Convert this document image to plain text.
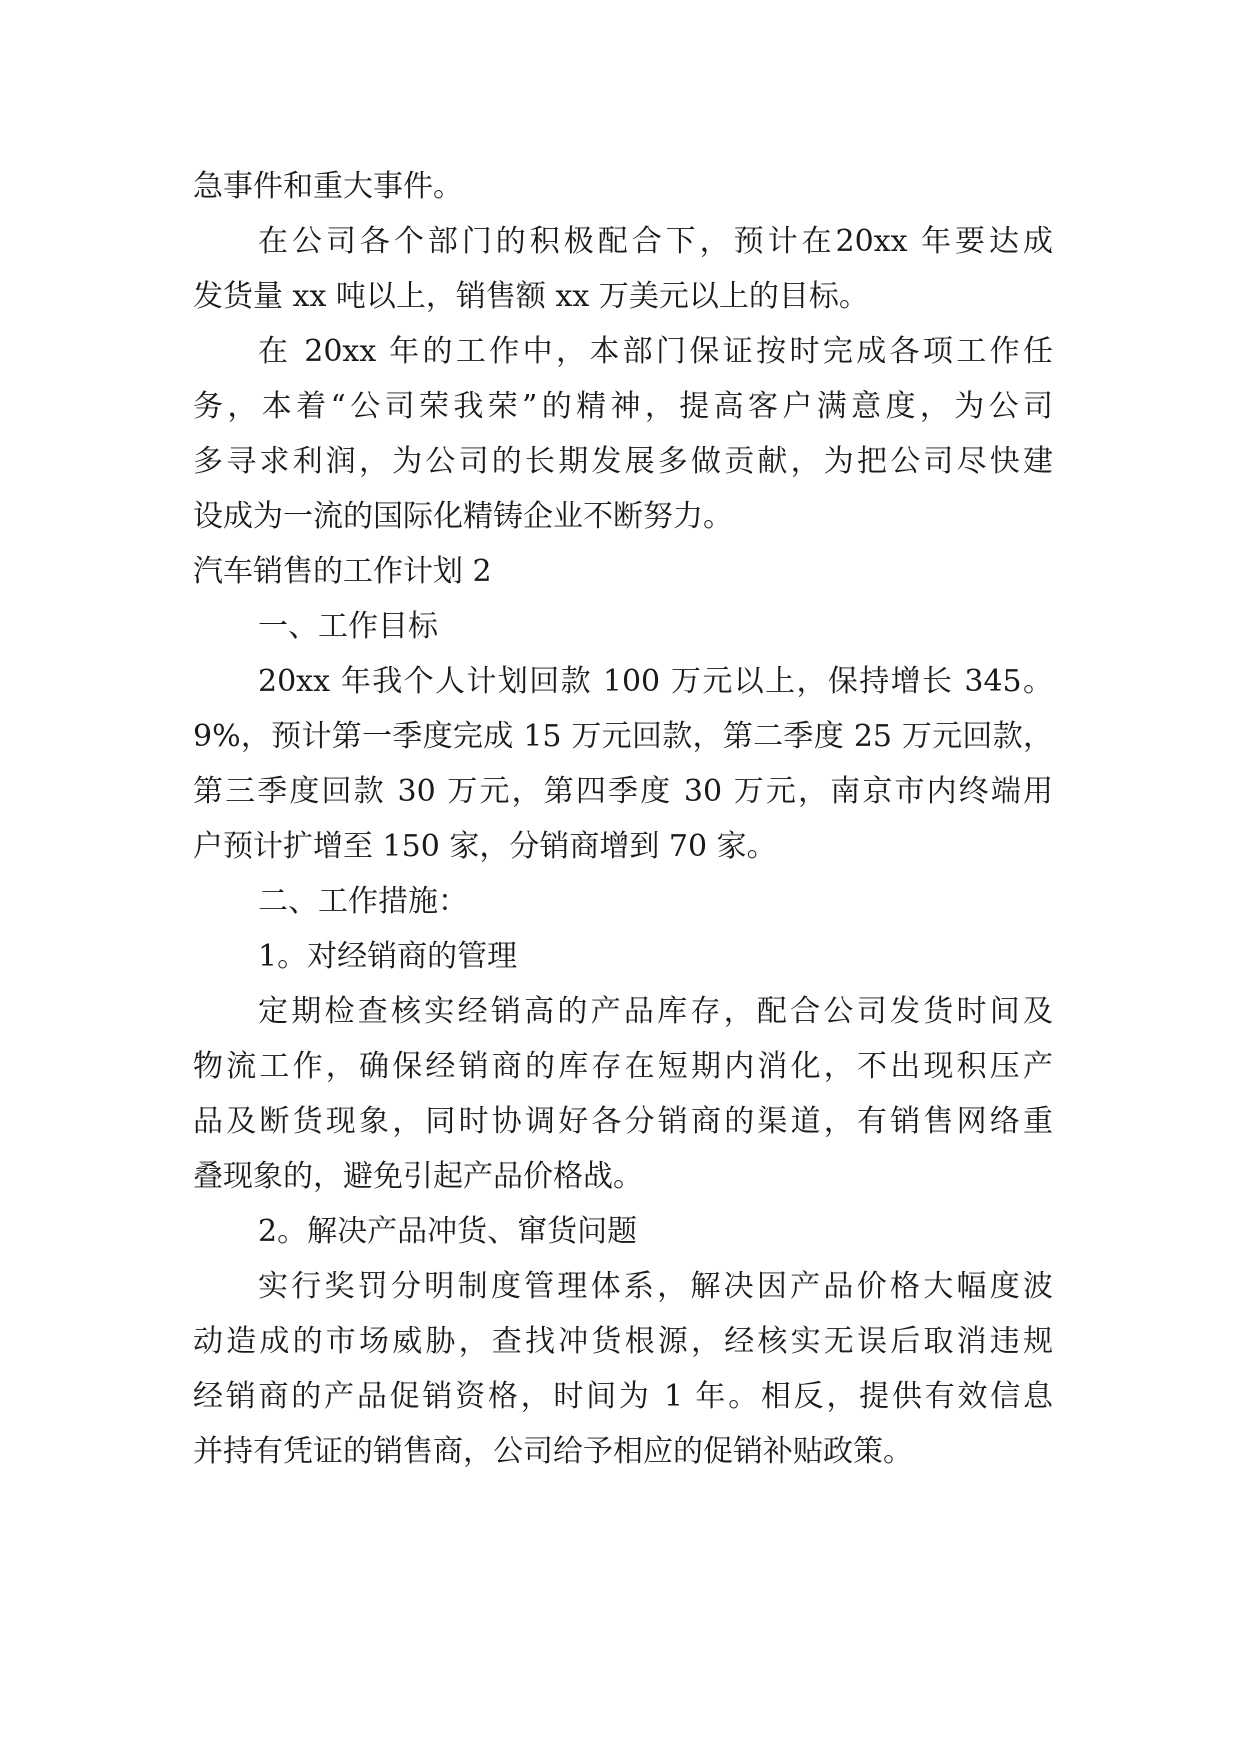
急事件和重大事件。
在公司各个部门的积极配合下，预计在20xx 年要达成
发货量 xx 吨以上，销售额 xx 万美元以上的目标。
在 20xx 年的工作中，本部门保证按时完成各项工作任
务，本着“公司荣我荣”的精神，提高客户满意度，为公司
多寻求利润，为公司的长期发展多做贡献，为把公司尽快建
设成为一流的国际化精铸企业不断努力。
汽车销售的工作计划 2
一、工作目标
20xx 年我个人计划回款 100 万元以上，保持增长 345。
9%，预计第一季度完成 15 万元回款，第二季度 25 万元回款，
第三季度回款 30 万元，第四季度 30 万元，南京市内终端用
户预计扩增至 150 家，分销商增到 70 家。
二、工作措施：
1。对经销商的管理
定期检查核实经销高的产品库存，配合公司发货时间及
物流工作，确保经销商的库存在短期内消化，不出现积压产
品及断货现象，同时协调好各分销商的渠道，有销售网络重
叠现象的，避免引起产品价格战。
2。解决产品冲货、窜货问题
实行奖罚分明制度管理体系，解决因产品价格大幅度波
动造成的市场威胁，查找冲货根源，经核实无误后取消违规
经销商的产品促销资格，时间为 1 年。相反，提供有效信息
并持有凭证的销售商，公司给予相应的促销补贴政策。
